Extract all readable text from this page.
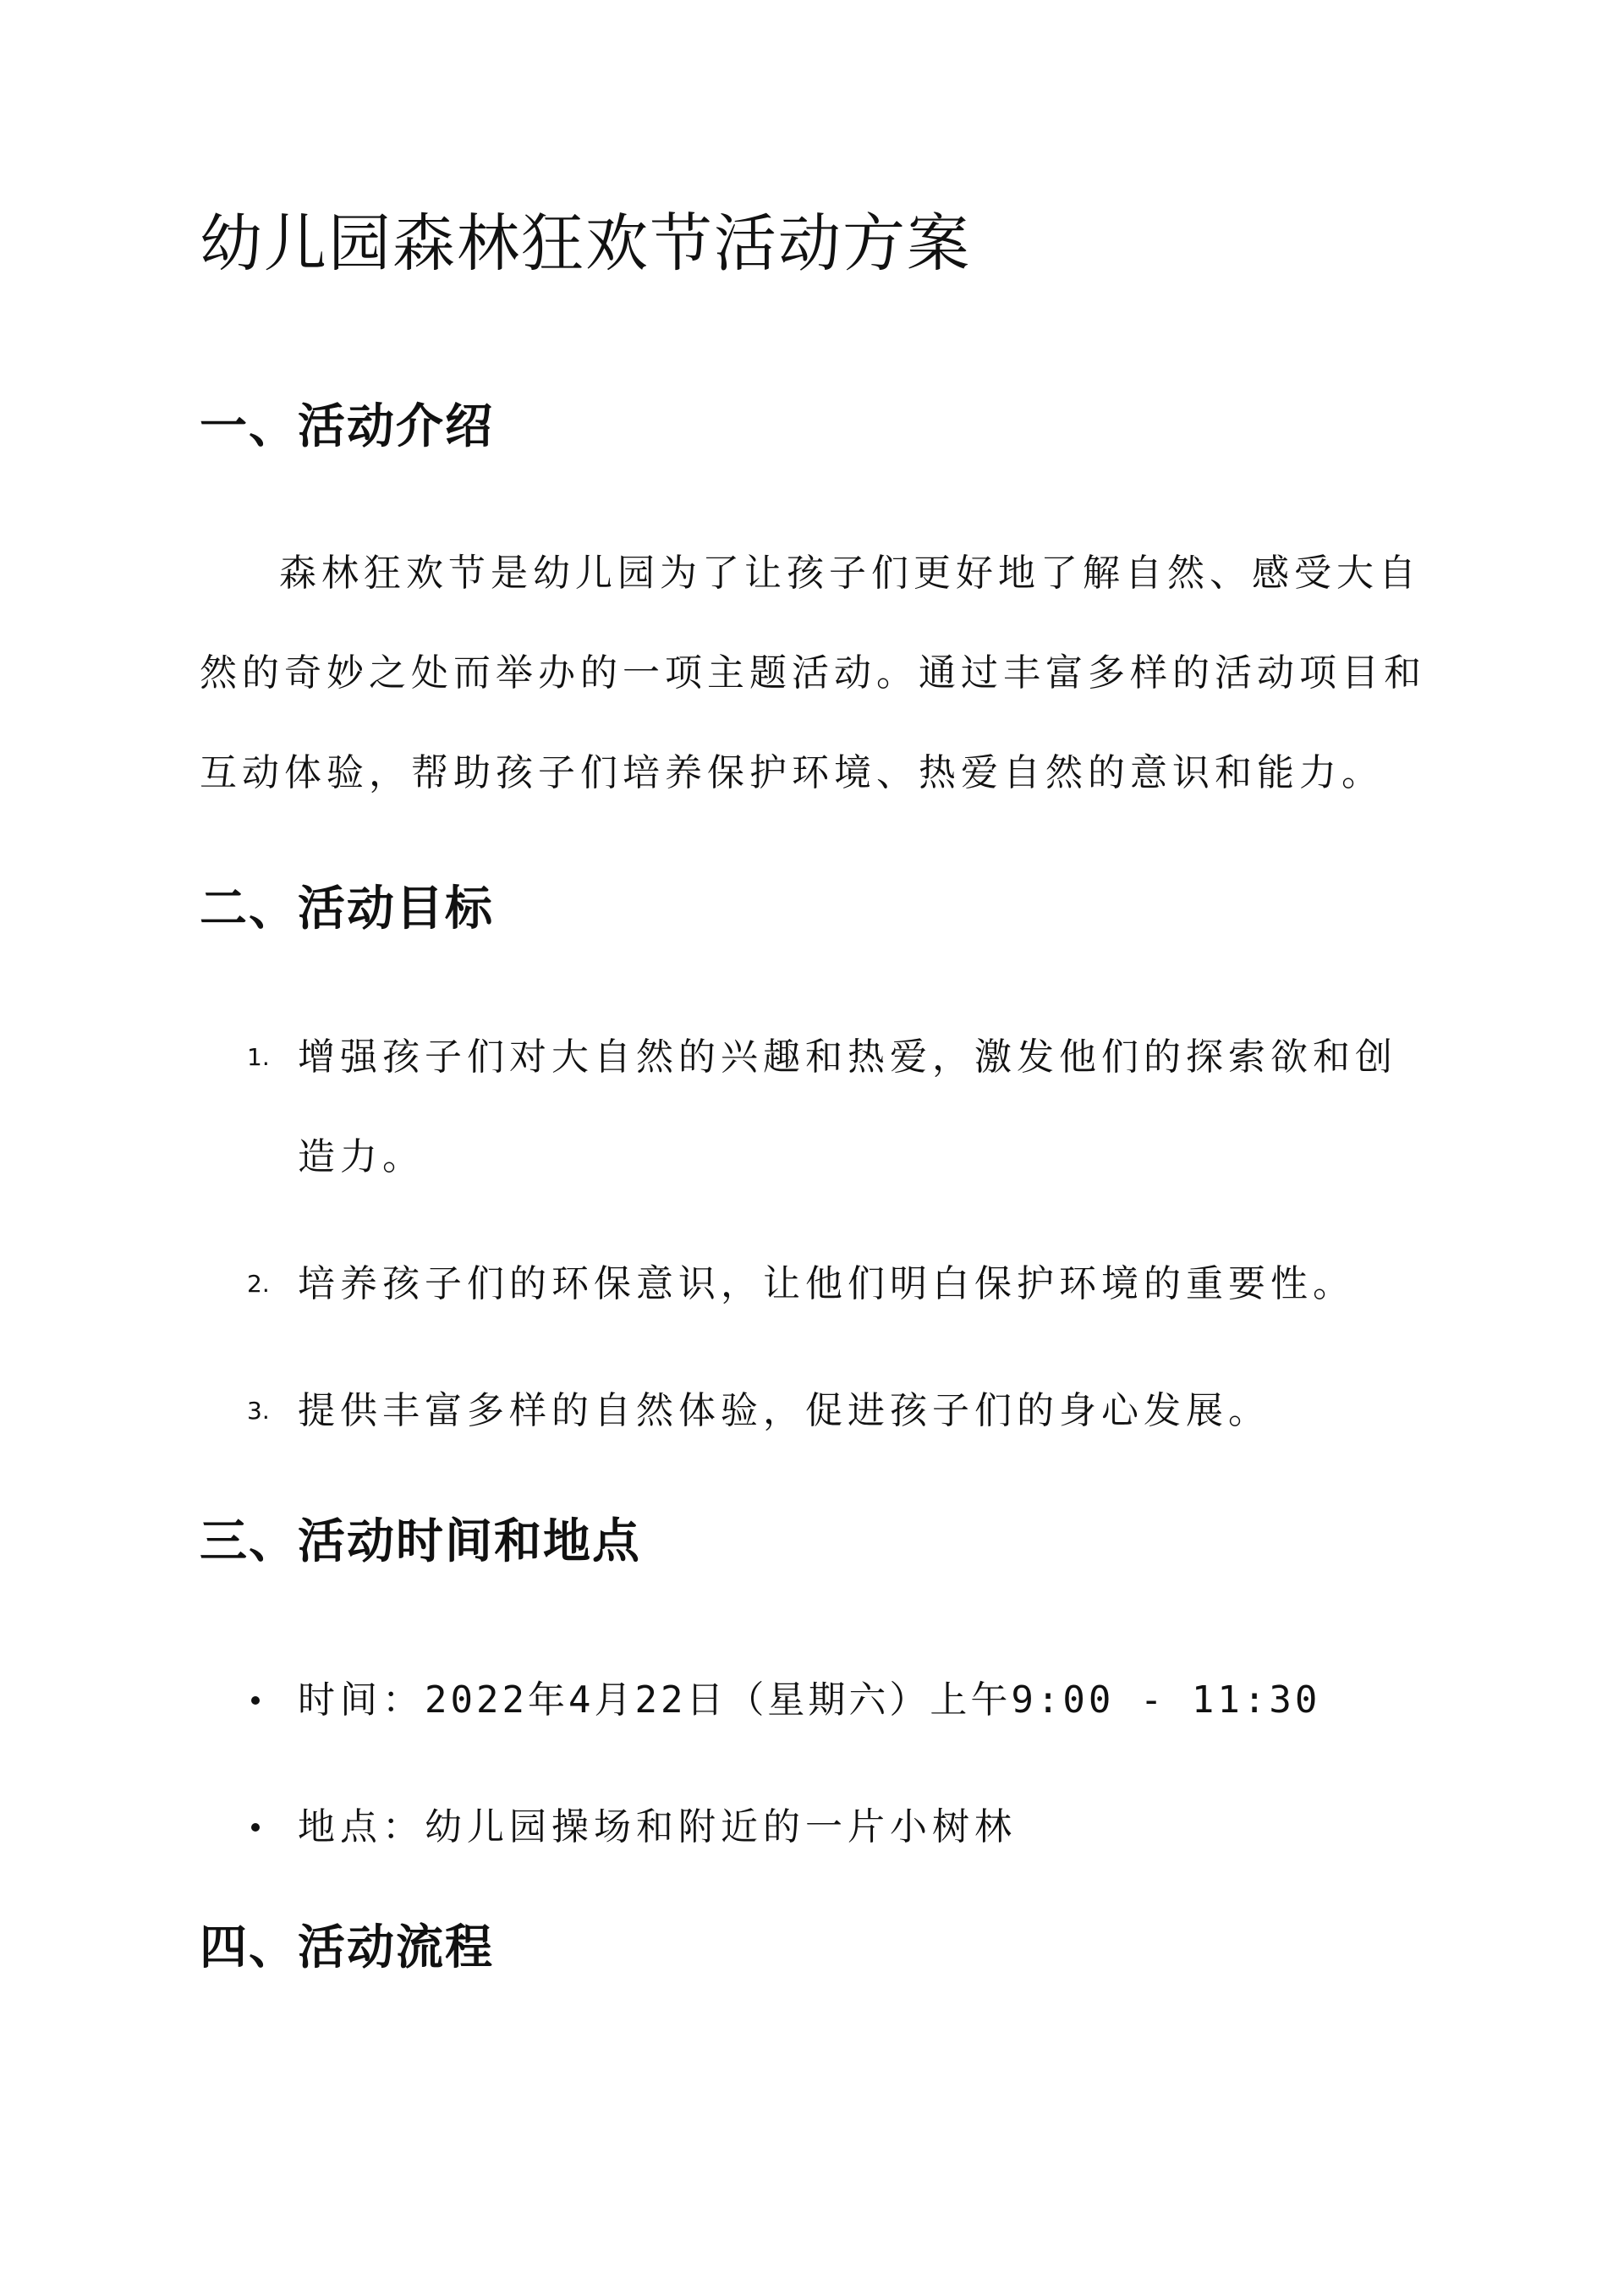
幼儿园森林狂欢节活动方案
一、活动介绍

森林狂欢节是幼儿园为了让孩子们更好地了解自然、感受大自

然的奇妙之处而举办的一项主题活动。通过丰富多样的活动项目和

互动体验，帮助孩子们培养保护环境、热爱自然的意识和能力。

二、活动目标
1. 增强孩子们对大自然的兴趣和热爱，激发他们的探索欲和创
造力。
2. 培养孩子们的环保意识，让他们明白保护环境的重要性。
3. 提供丰富多样的自然体验，促进孩子们的身心发展。
三、活动时间和地点
时间：2022年4月22日（星期六）上午9:00 - 11:30
地点：幼儿园操场和附近的一片小树林
四、活动流程
